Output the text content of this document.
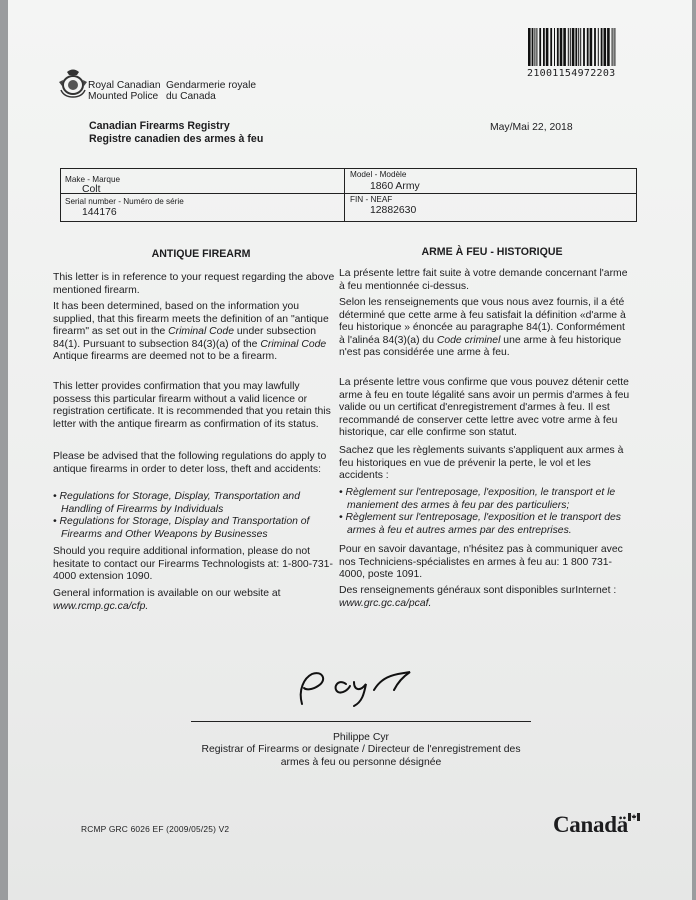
21001154972203
Royal Canadian
Mounted Police
Gendarmerie royale
du Canada
Canadian Firearms Registry
Registre canadien des armes à feu
May/Mai 22, 2018
Make - Marque
Colt
Model - Modèle
1860 Army
Serial number - Numéro de série
144176
FIN - NEAF
12882630
ANTIQUE FIREARM
This letter is in reference to your request regarding the above mentioned firearm.
It has been determined, based on the information you supplied, that this firearm meets the definition of an "antique firearm" as set out in the Criminal Code under subsection 84(1). Pursuant to subsection 84(3)(a) of the Criminal Code Antique firearms are deemed not to be a firearm.
This letter provides confirmation that you may lawfully possess this particular firearm without a valid licence or registration certificate. It is recommended that you retain this letter with the antique firearm as confirmation of its status.
Please be advised that the following regulations do apply to antique firearms in order to deter loss, theft and accidents:
• Regulations for Storage, Display, Transportation and Handling of Firearms by Individuals
• Regulations for Storage, Display and Transportation of Firearms and Other Weapons by Businesses
Should you require additional information, please do not hesitate to contact our Firearms Technologists at: 1-800-731-4000 extension 1090.
General information is available on our website at www.rcmp.gc.ca/cfp.
ARME À FEU - HISTORIQUE
La présente lettre fait suite à votre demande concernant l'arme à feu mentionnée ci-dessus.
Selon les renseignements que vous nous avez fournis, il a été déterminé que cette arme à feu satisfait la définition «d'arme à feu historique » énoncée au paragraphe 84(1). Conformément à l'alinéa 84(3)(a) du Code criminel une arme à feu historique n'est pas considérée une arme à feu.
La présente lettre vous confirme que vous pouvez détenir cette arme à feu en toute légalité sans avoir un permis d'armes à feu valide ou un certificat d'enregistrement d'armes à feu. Il est recommandé de conserver cette lettre avec votre arme à feu historique, car elle confirme son statut.
Sachez que les règlements suivants s'appliquent aux armes à feu historiques en vue de prévenir la perte, le vol et les accidents :
• Règlement sur l'entreposage, l'exposition, le transport et le maniement des armes à feu par des particuliers;
• Règlement sur l'entreposage, l'exposition et le transport des armes à feu et autres armes par des entreprises.
Pour en savoir davantage, n'hésitez pas à communiquer avec nos Techniciens-spécialistes en armes à feu au: 1 800 731-4000, poste 1091.
Des renseignements généraux sont disponibles surInternet : www.grc.gc.ca/pcaf.
Philippe Cyr
Registrar of Firearms or designate / Directeur de l'enregistrement des
armes à feu ou personne désignée
RCMP GRC 6026 EF (2009/05/25) V2	Canadä
